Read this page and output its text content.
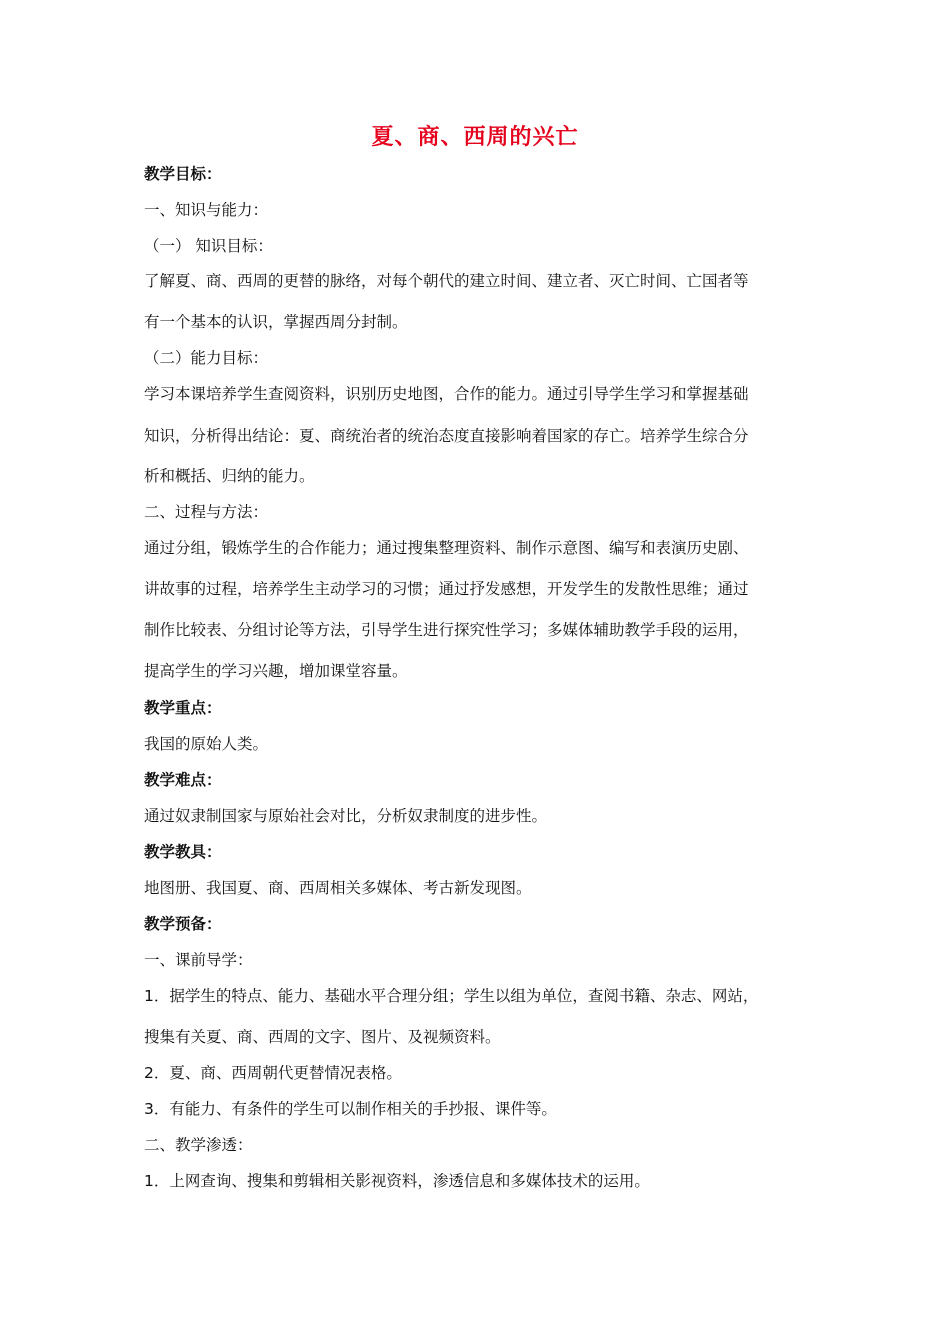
夏、商、西周的兴亡
教学目标：
一、知识与能力：
（一） 知识目标：
了解夏、商、西周的更替的脉络，对每个朝代的建立时间、建立者、灭亡时间、亡国者等
有一个基本的认识，掌握西周分封制。
（二）能力目标：
学习本课培养学生查阅资料，识别历史地图，合作的能力。通过引导学生学习和掌握基础
知识，分析得出结论：夏、商统治者的统治态度直接影响着国家的存亡。培养学生综合分
析和概括、归纳的能力。
二、过程与方法：
通过分组，锻炼学生的合作能力；通过搜集整理资料、制作示意图、编写和表演历史剧、
讲故事的过程，培养学生主动学习的习惯；通过抒发感想，开发学生的发散性思维；通过
制作比较表、分组讨论等方法，引导学生进行探究性学习；多媒体辅助教学手段的运用，
提高学生的学习兴趣，增加课堂容量。
教学重点：
我国的原始人类。
教学难点：
通过奴隶制国家与原始社会对比，分析奴隶制度的进步性。
教学教具：
地图册、我国夏、商、西周相关多媒体、考古新发现图。
教学预备：
一、课前导学：
1．据学生的特点、能力、基础水平合理分组；学生以组为单位，查阅书籍、杂志、网站，
搜集有关夏、商、西周的文字、图片、及视频资料。
2．夏、商、西周朝代更替情况表格。
3．有能力、有条件的学生可以制作相关的手抄报、课件等。
二、教学渗透：
1．上网查询、搜集和剪辑相关影视资料，渗透信息和多媒体技术的运用。
